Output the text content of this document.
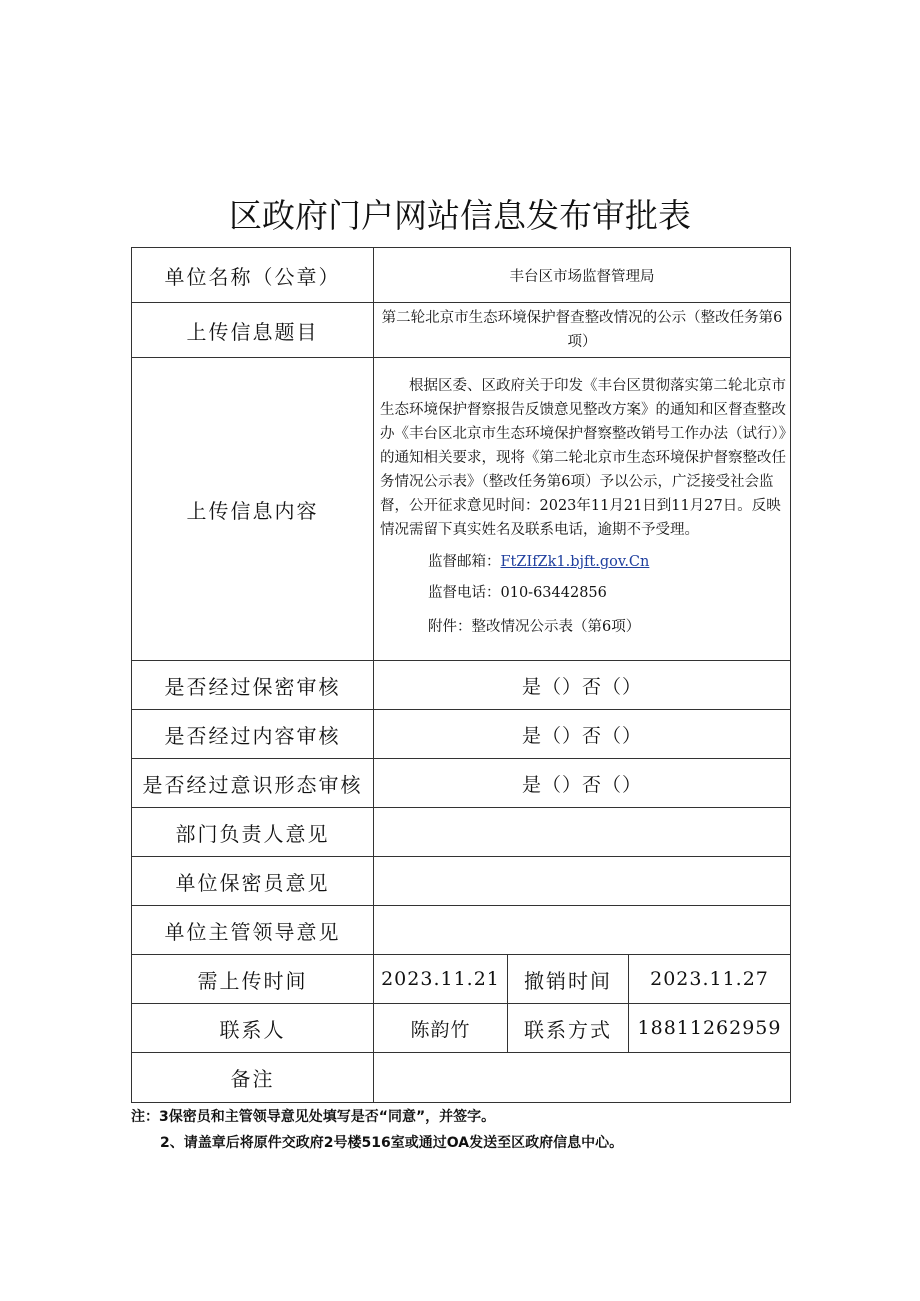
区政府门户网站信息发布审批表
单位名称（公章）	丰台区市场监督管理局		
上传信息题目	第二轮北京市生态环境保护督查整改情况的公示（整改任务第6项）		
上传信息内容	根据区委、区政府关于印发《丰台区贯彻落实第二轮北京市生态环境保护督察报告反馈意见整改方案》的通知和区督查整改办《丰台区北京市生态环境保护督察整改销号工作办法（试行）》的通知相关要求，现将《第二轮北京市生态环境保护督察整改任务情况公示表》（整改任务第6项）予以公示，广泛接受社会监督，公开征求意见时间：2023年11月21日到11月27日。反映情况需留下真实姓名及联系电话，逾期不予受理。

监督邮箱：FtZIfZk1.bjft.gov.Cn
监督电话：010-63442856
附件：整改情况公示表（第6项）		

是否经过保密审核	是（）否（）		
是否经过内容审核	是（）否（）		
是否经过意识形态审核	是（）否（）		
部门负责人意见			
单位保密员意见			
单位主管领导意见			
需上传时间	2023.11.21	撤销时间	2023.11.27
联系人	陈韵竹	联系方式	18811262959
备注			
注：3保密员和主管领导意见处填写是否“同意”，并签字。
2、请盖章后将原件交政府2号楼516室或通过OA发送至区政府信息中心。
